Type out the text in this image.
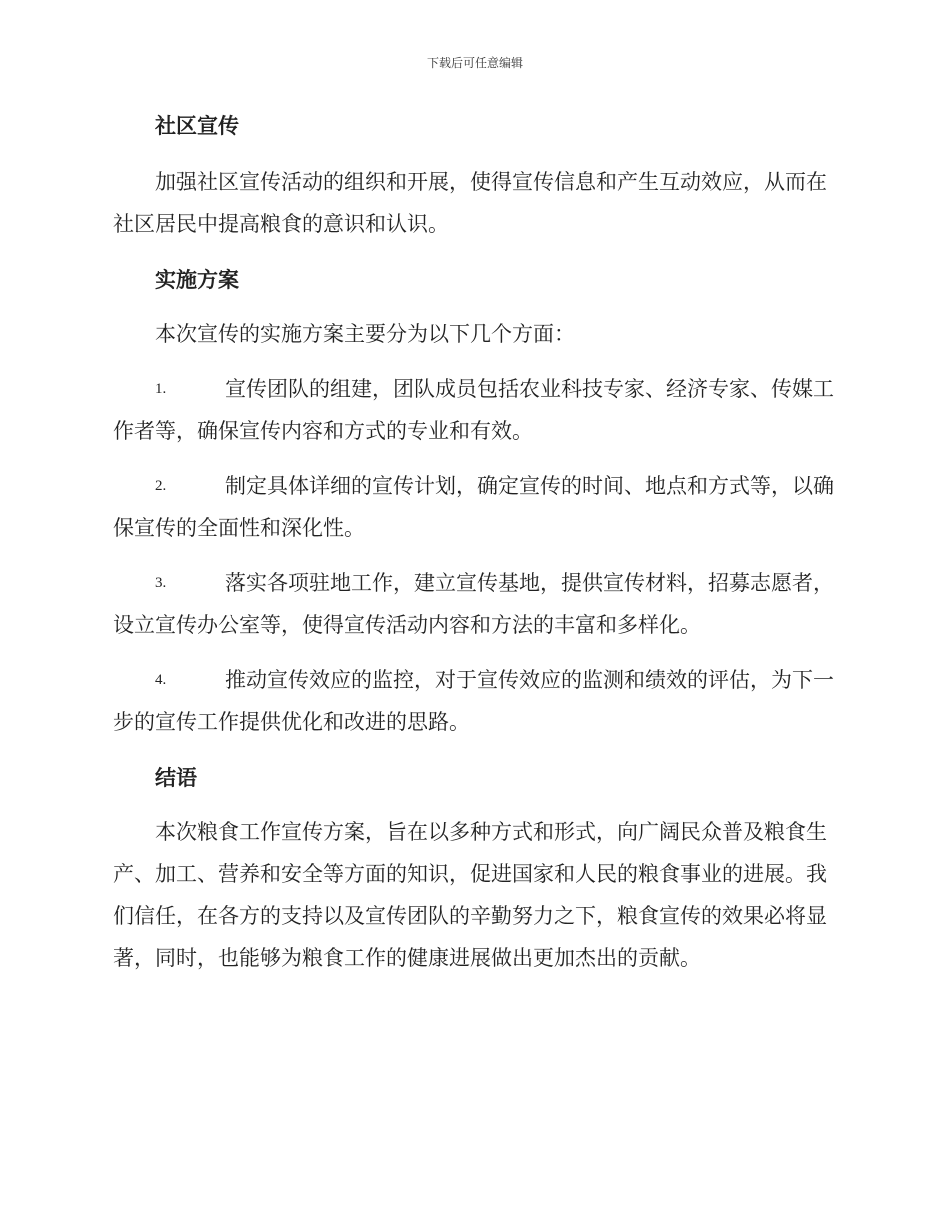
下载后可任意编辑
社区宣传
加强社区宣传活动的组织和开展，使得宣传信息和产生互动效应，从而在社区居民中提高粮食的意识和认识。
实施方案
本次宣传的实施方案主要分为以下几个方面：
1.	宣传团队的组建，团队成员包括农业科技专家、经济专家、传媒工作者等，确保宣传内容和方式的专业和有效。
2.	制定具体详细的宣传计划，确定宣传的时间、地点和方式等，以确保宣传的全面性和深化性。
3.	落实各项驻地工作，建立宣传基地，提供宣传材料，招募志愿者，设立宣传办公室等，使得宣传活动内容和方法的丰富和多样化。
4.	推动宣传效应的监控，对于宣传效应的监测和绩效的评估，为下一步的宣传工作提供优化和改进的思路。
结语
本次粮食工作宣传方案，旨在以多种方式和形式，向广阔民众普及粮食生产、加工、营养和安全等方面的知识，促进国家和人民的粮食事业的进展。我们信任，在各方的支持以及宣传团队的辛勤努力之下，粮食宣传的效果必将显著，同时，也能够为粮食工作的健康进展做出更加杰出的贡献。
